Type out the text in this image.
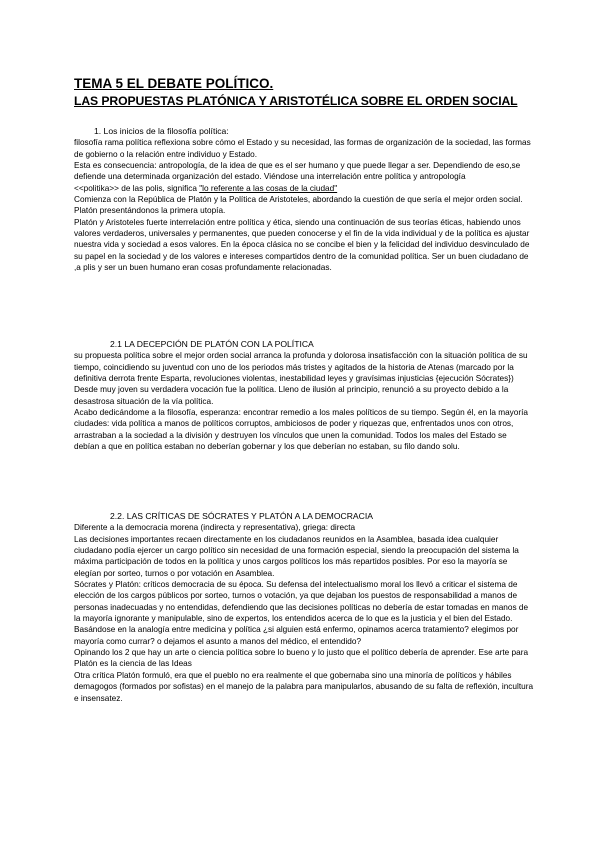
TEMA 5 EL DEBATE POLÍTICO.
LAS PROPUESTAS PLATÓNICA Y ARISTOTÉLICA SOBRE EL ORDEN SOCIAL

1. Los inicios de la filosofía política:

filosofía rama política reflexiona sobre cómo el Estado y su necesidad, las formas de organización de la sociedad, las formas de gobierno o la relación entre individuo y Estado.

Esta es consecuencia: antropología, de la idea de que es el ser humano y que puede llegar a ser. Dependiendo de eso,se defiende una determinada organización del estado. Viéndose una interrelación entre política y antropología

<<politika>> de las polis, significa "lo referente a las cosas de la ciudad"

Comienza con la República de Platón y la Política de Aristoteles, abordando la cuestión de que sería el mejor orden social. Platón presentándonos la primera utopía.

Platón y Aristoteles fuerte interrelación entre política y ética, siendo una continuación de sus teorías éticas, habiendo unos valores verdaderos, universales y permanentes, que pueden conocerse y el fin de la vida individual y de la política es ajustar nuestra vida y sociedad a esos valores. En la época clásica no se concibe el bien y la felicidad del individuo desvinculado de su papel en la sociedad y de los valores e intereses compartidos dentro de la comunidad política. Ser un buen ciudadano de ,a plis y ser un buen humano eran cosas profundamente relacionadas.

2.1 LA DECEPCIÓN DE PLATÓN CON LA POLÍTICA

su propuesta política sobre el mejor orden social arranca la profunda y dolorosa insatisfacción con la situación política de su tiempo, coincidiendo su juventud con uno de los periodos más tristes y agitados de la historia de Atenas (marcado por la definitiva derrota frente Esparta, revoluciones violentas, inestabilidad leyes y gravísimas injusticias {ejecución Sócrates})

Desde muy joven su verdadera vocación fue la política. Lleno de ilusión al principio, renunció a su proyecto debido a la desastrosa situación de la vía política.

Acabo dedicándome a la filosofía, esperanza: encontrar remedio a los males políticos de su tiempo. Según él, en la mayoría ciudades: vida política a manos de políticos corruptos, ambiciosos de poder y riquezas que, enfrentados unos con otros, arrastraban a la sociedad a la división y destruyen los vínculos que unen la comunidad. Todos los males del Estado se debían a que en política estaban no deberían gobernar y los que deberían no estaban, su filo dando solu.

2.2. LAS CRÍTICAS DE SÓCRATES Y PLATÓN A LA DEMOCRACIA

Diferente a la democracia morena (indirecta y representativa), griega: directa

Las decisiones importantes recaen directamente en los ciudadanos reunidos en la Asamblea, basada idea cualquier ciudadano podía ejercer un cargo político sin necesidad de una formación especial, siendo la preocupación del sistema la máxima participación de todos en la política y unos cargos políticos los más repartidos posibles. Por eso la mayoría se elegían por sorteo, turnos o por votación en Asamblea.

Sócrates y Platón: críticos democracia de su época. Su defensa del intelectualismo moral los llevó a criticar el sistema de elección de los cargos públicos por sorteo, turnos o votación, ya que dejaban los puestos de responsabilidad a manos de personas inadecuadas y no entendidas, defendiendo que las decisiones políticas no debería de estar tomadas en manos de la mayoría ignorante y manipulable, sino de expertos, los entendidos acerca de lo que es la justicia y el bien del Estado. Basándose en la analogía entre medicina y política ¿si alguien está enfermo, opinamos acerca tratamiento? elegimos por mayoría como currar? o dejamos el asunto a manos del médico, el entendido?

Opinando los 2 que hay un arte o ciencia política sobre lo bueno y lo justo que el político debería de aprender. Ese arte para Platón es la ciencia de las Ideas

Otra crítica Platón formuló, era que el pueblo no era realmente el que gobernaba sino una minoría de políticos y hábiles demagogos (formados por sofistas) en el manejo de la palabra para manipularlos, abusando de su falta de reflexión, incultura e insensatez.
